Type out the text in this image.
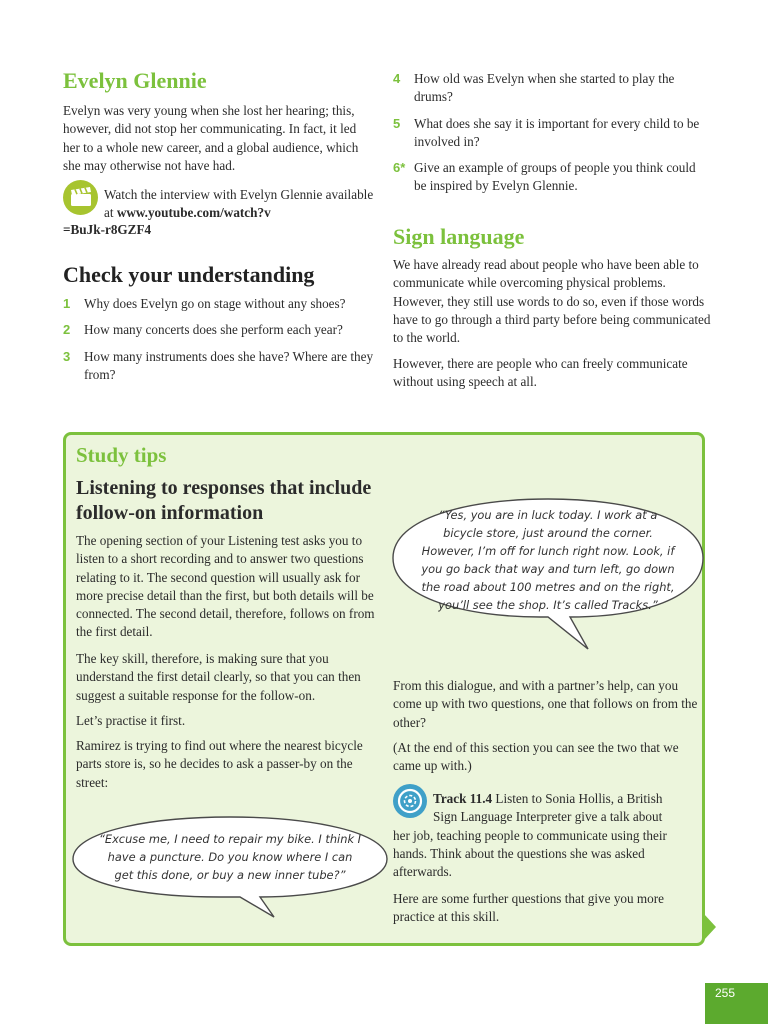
Evelyn Glennie

Evelyn was very young when she lost her hearing; this, however, did not stop her communicating. In fact, it led her to a whole new career, and a global audience, which she may otherwise not have had.

Watch the interview with Evelyn Glennie available at www.youtube.com/watch?v

=BuJk-r8GZF4
Check your understanding
1 Why does Evelyn go on stage without any shoes?
2 How many concerts does she perform each year?
3 How many instruments does she have? Where are they from?
4 How old was Evelyn when she started to play the drums?
5 What does she say it is important for every child to be involved in?
6* Give an example of groups of people you think could be inspired by Evelyn Glennie.
Sign language

We have already read about people who have been able to communicate while overcoming physical problems. However, they still use words to do so, even if those words have to go through a third party before being communicated to the world.

However, there are people who can freely communicate without using speech at all.

Study tips
Listening to responses that include follow-on information

The opening section of your Listening test asks you to listen to a short recording and to answer two questions relating to it. The second question will usually ask for more precise detail than the first, but both details will be connected. The second detail, therefore, follows on from the first detail.

The key skill, therefore, is making sure that you understand the first detail clearly, so that you can then suggest a suitable response for the follow-on.

Let’s practise it first.

Ramirez is trying to find out where the nearest bicycle parts store is, so he decides to ask a passer-by on the street:

“Yes, you are in luck today. I work at a bicycle store, just around the corner. However, I’m off for lunch right now. Look, if you go back that way and turn left, go down the road about 100 metres and on the right, you’ll see the shop. It’s called Tracks.”
“Excuse me, I need to repair my bike. I think I have a puncture. Do you know where I can get this done, or buy a new inner tube?”

From this dialogue, and with a partner’s help, can you come up with two questions, one that follows on from the other?

(At the end of this section you can see the two that we came up with.)

Track 11.4 Listen to Sonia Hollis, a British
Sign Language Interpreter give a talk about
her job, teaching people to communicate using their hands. Think about the questions she was asked afterwards.

Here are some further questions that give you more practice at this skill.

255
